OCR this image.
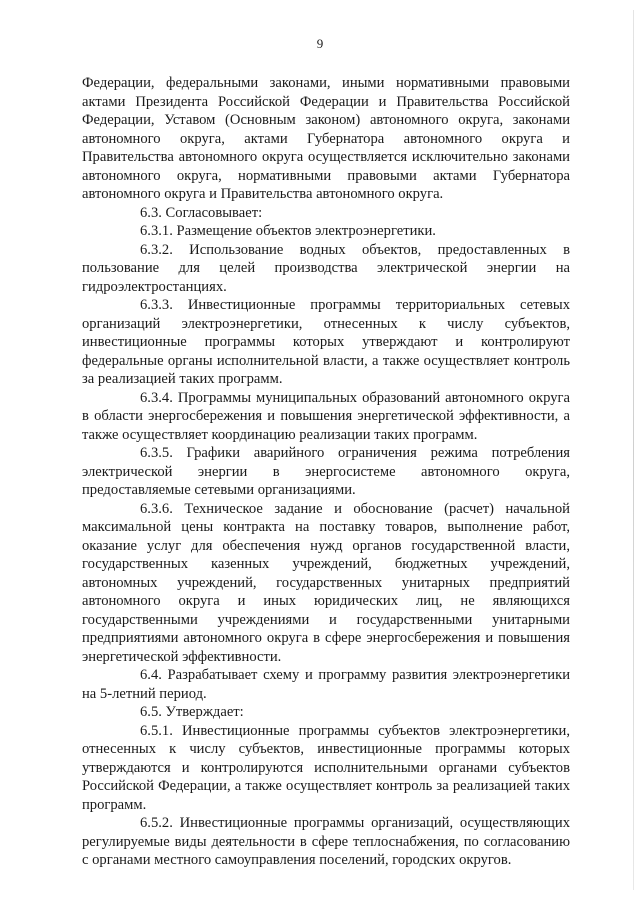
9

Федерации, федеральными законами, иными нормативными правовыми актами Президента Российской Федерации и Правительства Российской Федерации, Уставом (Основным законом) автономного округа, законами автономного округа, актами Губернатора автономного округа и Правительства автономного округа осуществляется исключительно законами автономного округа, нормативными правовыми актами Губернатора автономного округа и Правительства автономного округа.

6.3. Согласовывает:

6.3.1. Размещение объектов электроэнергетики.

6.3.2. Использование водных объектов, предоставленных в пользование для целей производства электрической энергии на гидроэлектростанциях.

6.3.3. Инвестиционные программы территориальных сетевых организаций электроэнергетики, отнесенных к числу субъектов, инвестиционные программы которых утверждают и контролируют федеральные органы исполнительной власти, а также осуществляет контроль за реализацией таких программ.

6.3.4. Программы муниципальных образований автономного округа в области энергосбережения и повышения энергетической эффективности, а также осуществляет координацию реализации таких программ.

6.3.5. Графики аварийного ограничения режима потребления электрической энергии в энергосистеме автономного округа, предоставляемые сетевыми организациями.

6.3.6. Техническое задание и обоснование (расчет) начальной максимальной цены контракта на поставку товаров, выполнение работ, оказание услуг для обеспечения нужд органов государственной власти, государственных казенных учреждений, бюджетных учреждений, автономных учреждений, государственных унитарных предприятий автономного округа и иных юридических лиц, не являющихся государственными учреждениями и государственными унитарными предприятиями автономного округа в сфере энергосбережения и повышения энергетической эффективности.

6.4. Разрабатывает схему и программу развития электроэнергетики на 5-летний период.

6.5. Утверждает:

6.5.1. Инвестиционные программы субъектов электроэнергетики, отнесенных к числу субъектов, инвестиционные программы которых утверждаются и контролируются исполнительными органами субъектов Российской Федерации, а также осуществляет контроль за реализацией таких программ.

6.5.2. Инвестиционные программы организаций, осуществляющих регулируемые виды деятельности в сфере теплоснабжения, по согласованию с органами местного самоуправления поселений, городских округов.
